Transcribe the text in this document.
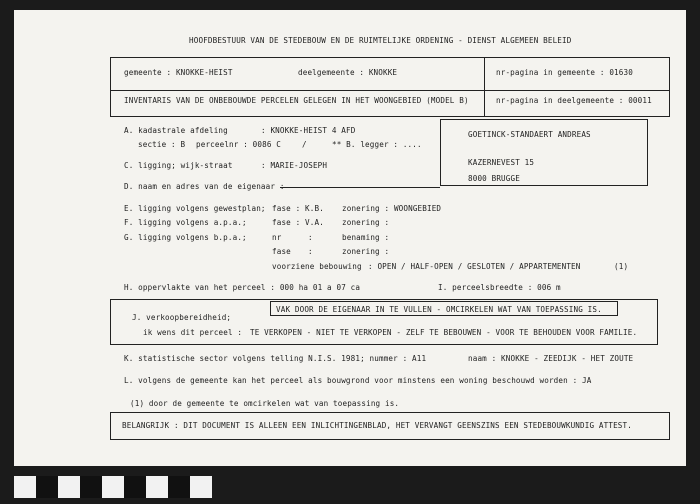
HOOFDBESTUUR VAN DE STEDEBOUW EN DE RUIMTELIJKE ORDENING - DIENST ALGEMEEN BELEID
gemeente : KNOKKE-HEIST	deelgemeente : KNOKKE	nr-pagina in gemeente : 01630
INVENTARIS VAN DE ONBEBOUWDE PERCELEN GELEGEN IN HET WOONGEBIED (MODEL B)	nr-pagina in deelgemeente : 00011
A. kadastrale afdeling	: KNOKKE-HEIST 4 AFD
sectie : B perceelnr : 0086 C	/	** B. legger : ....
GOETINCK-STANDAERT ANDREAS
KAZERNEVEST 15
8000 BRUGGE
C. ligging; wijk-straat	: MARIE-JOSEPH
D. naam en adres van de eigenaar :
E. ligging volgens gewestplan; fase : K.B. zonering : WOONGEBIED
F. ligging volgens a.p.a.;	fase : V.A. zonering :
G. ligging volgens b.p.a.;	nr	:	benaming :
fase :	zonering :
voorziene bebouwing : OPEN / HALF-OPEN / GESLOTEN / APPARTEMENTEN	(1)
H. oppervlakte van het perceel : 000 ha 01 a 07 ca	I. perceelsbreedte : 006 m
VAK DOOR DE EIGENAAR IN TE VULLEN - OMCIRKELEN WAT VAN TOEPASSING IS.
J. verkoopbereidheid;
ik wens dit perceel : TE VERKOPEN - NIET TE VERKOPEN - ZELF TE BEBOUWEN - VOOR TE BEHOUDEN VOOR FAMILIE.
K. statistische sector volgens telling N.I.S. 1981; nummer : A11	naam : KNOKKE - ZEEDIJK - HET ZOUTE
L. volgens de gemeente kan het perceel als bouwgrond voor minstens een woning beschouwd worden : JA
(1) door de gemeente te omcirkelen wat van toepassing is.
BELANGRIJK : DIT DOCUMENT IS ALLEEN EEN INLICHTINGENBLAD, HET VERVANGT GEENSZINS EEN STEDEBOUWKUNDIG ATTEST.
